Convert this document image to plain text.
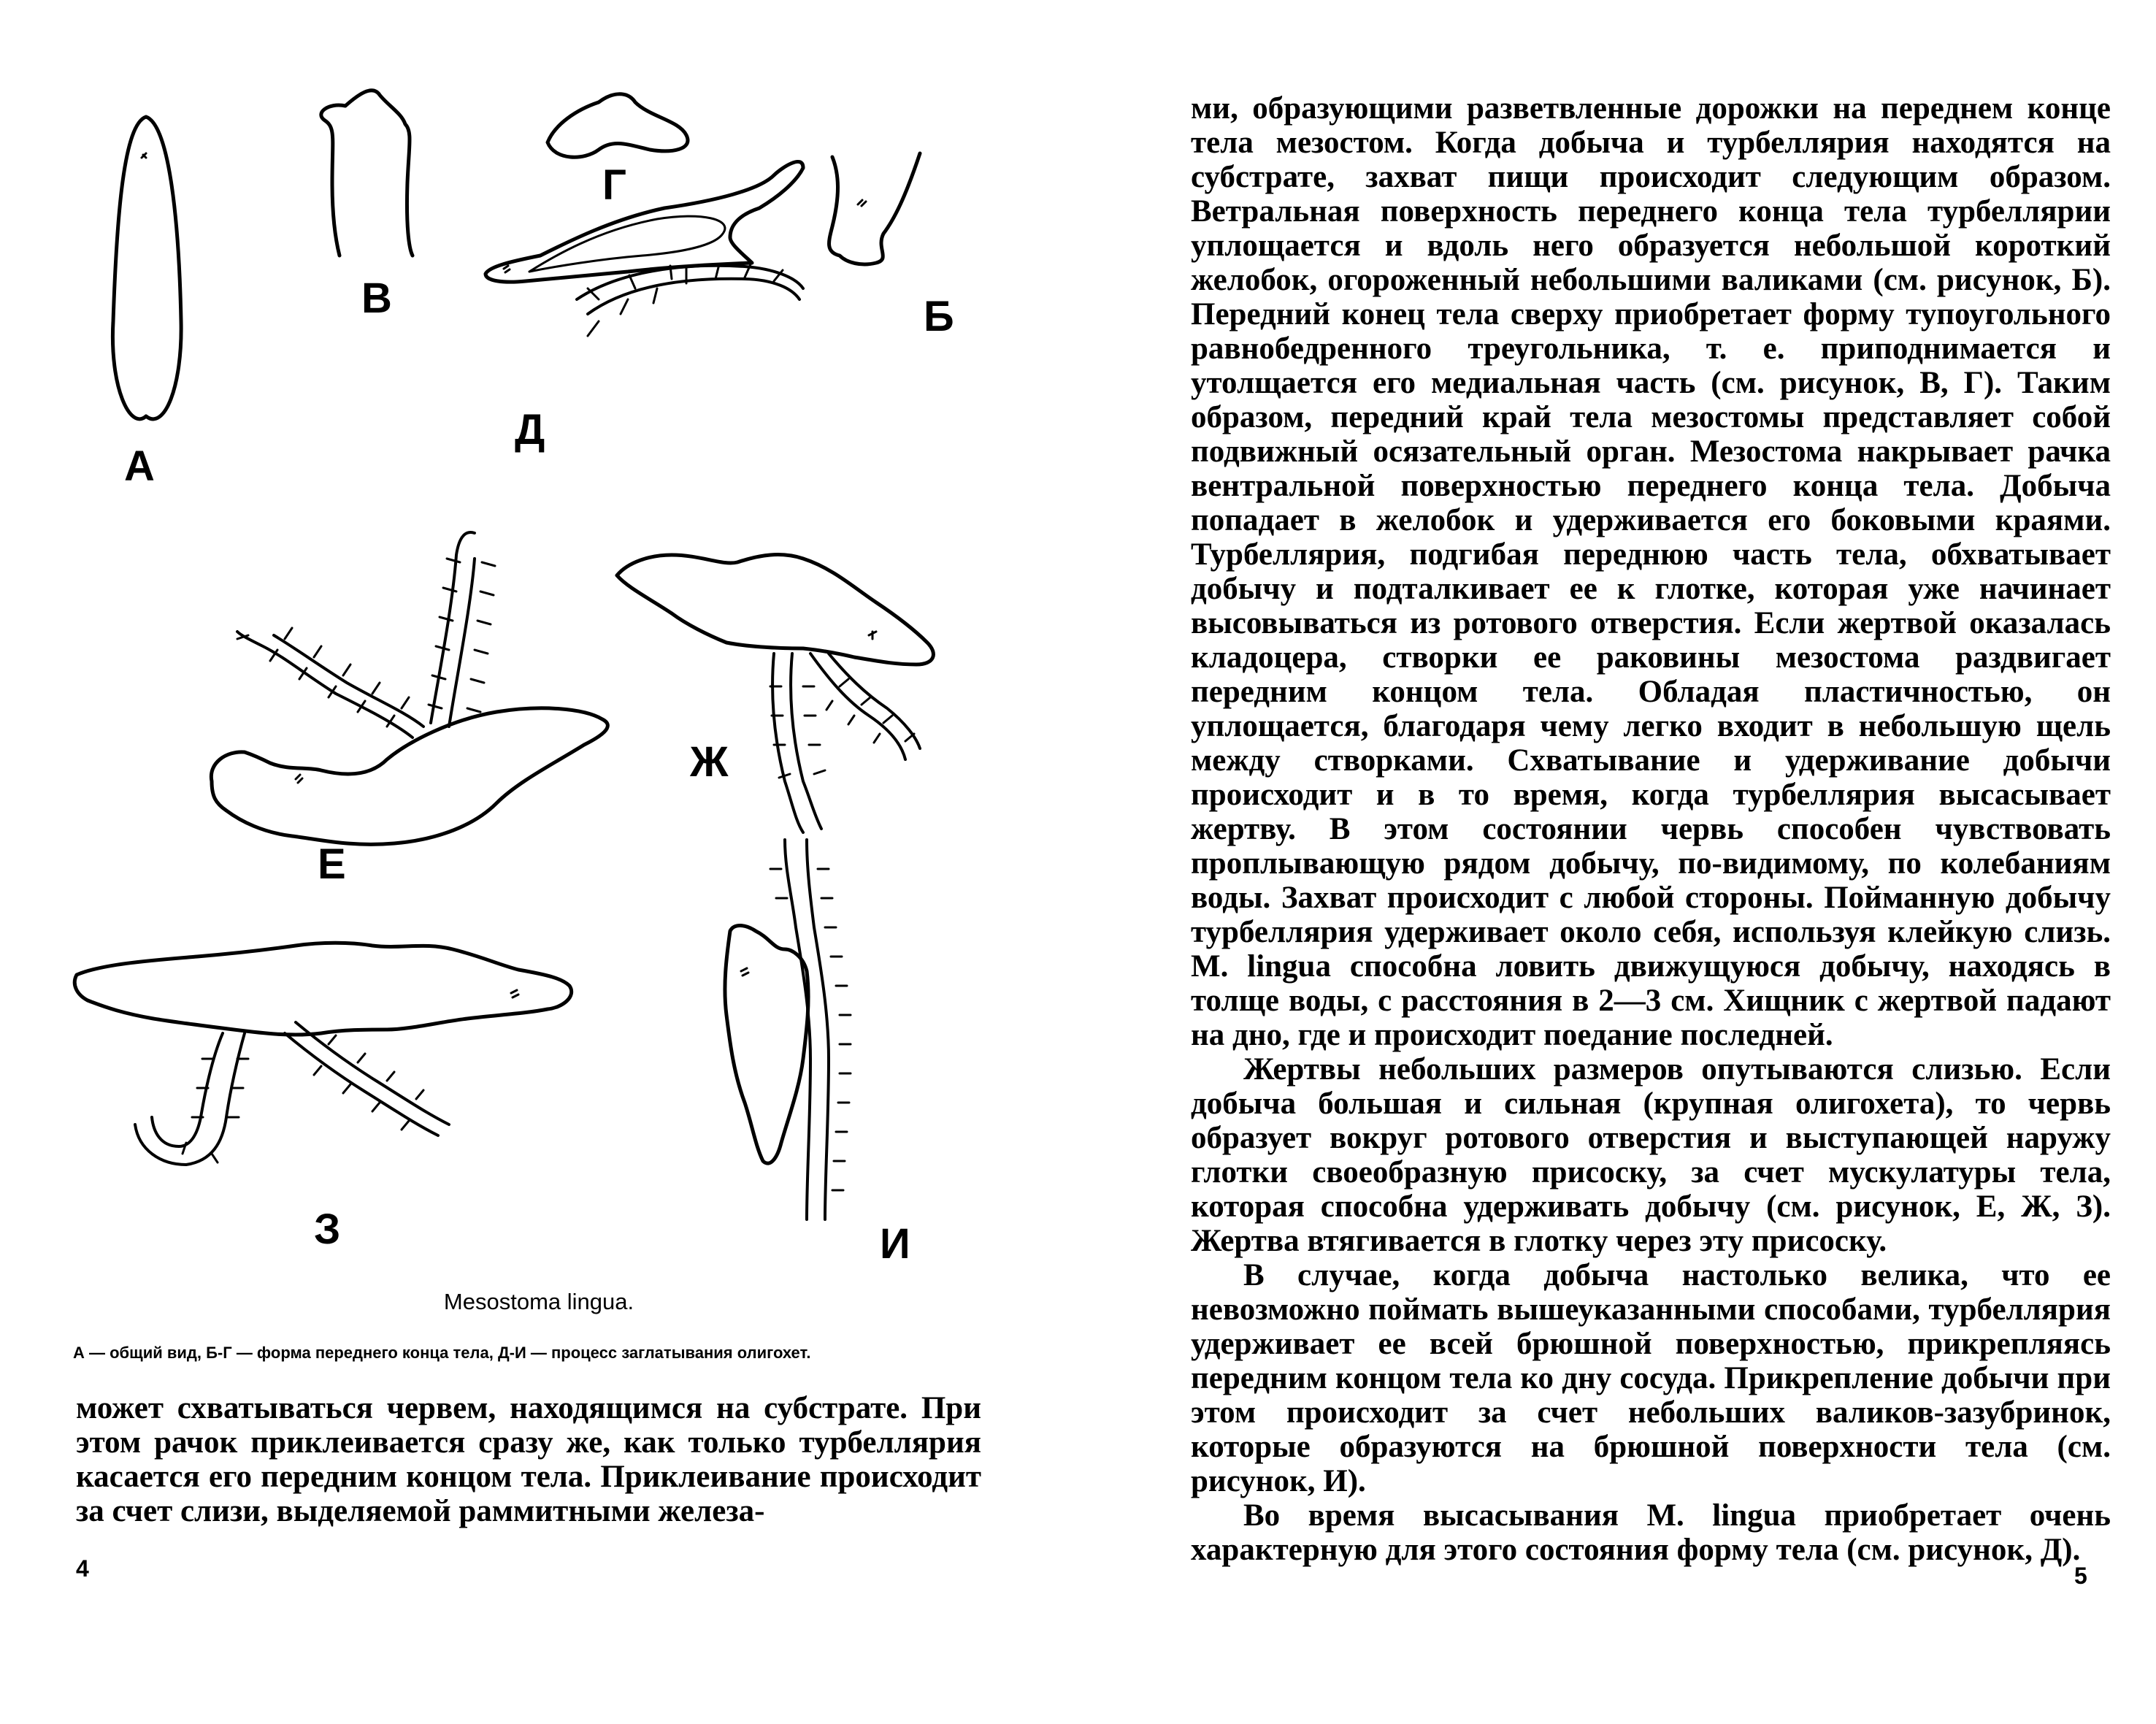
А
Б
В
Г
Д
Е
Ж
З	И
Mesostoma lingua.
А — общий вид, Б-Г — форма переднего конца тела, Д-И — процесс заглатывания олигохет.

может схватываться червем, находящимся на субстрате. При этом рачок приклеивается сразу же, как только турбеллярия касается его передним концом тела. Приклеивание происходит за счет слизи, выделяемой раммитными железа-

4

ми, образующими разветвленные дорожки на переднем конце тела мезостом. Когда добыча и турбеллярия находятся на субстрате, захват пищи происходит следующим образом. Ветральная поверхность переднего конца тела турбеллярии уплощается и вдоль него образуется небольшой короткий желобок, огороженный небольшими валиками (см. рисунок, Б). Передний конец тела сверху приобретает форму тупоугольного равнобедренного треугольника, т. е. приподнимается и утолщается его медиальная часть (см. рисунок, В, Г). Таким образом, передний край тела мезостомы представляет собой подвижный осязательный орган. Мезостома накрывает рачка вентральной поверхностью переднего конца тела. Добыча попадает в желобок и удерживается его боковыми краями. Турбеллярия, подгибая переднюю часть тела, обхватывает добычу и подталкивает ее к глотке, которая уже начинает высовываться из ротового отверстия. Если жертвой оказалась кладоцера, створки ее раковины мезостома раздвигает передним концом тела. Обладая пластичностью, он уплощается, благодаря чему легко входит в небольшую щель между створками. Схватывание и удерживание добычи происходит и в то время, когда турбеллярия высасывает жертву. В этом состоянии червь способен чувствовать проплывающую рядом добычу, по-видимому, по колебаниям воды. Захват происходит с любой стороны. Пойманную добычу турбеллярия удерживает около себя, используя клейкую слизь. M. lingua способна ловить движущуюся добычу, находясь в толще воды, с расстояния в 2—3 см. Хищник с жертвой падают на дно, где и происходит поедание последней.

Жертвы небольших размеров опутываются слизью. Если добыча большая и сильная (крупная олигохета), то червь образует вокруг ротового отверстия и выступающей наружу глотки своеобразную присоску, за счет мускулатуры тела, которая способна удерживать добычу (см. рисунок, Е, Ж, З). Жертва втягивается в глотку через эту присоску.

В случае, когда добыча настолько велика, что ее невозможно поймать вышеуказанными способами, турбеллярия удерживает ее всей брюшной поверхностью, прикрепляясь передним концом тела ко дну сосуда. Прикрепление добычи при этом происходит за счет небольших валиков-зазубринок, которые образуются на брюшной поверхности тела (см. рисунок, И).

Во время высасывания M. lingua приобретает очень характерную для этого состояния форму тела (см. рисунок, Д).

5
